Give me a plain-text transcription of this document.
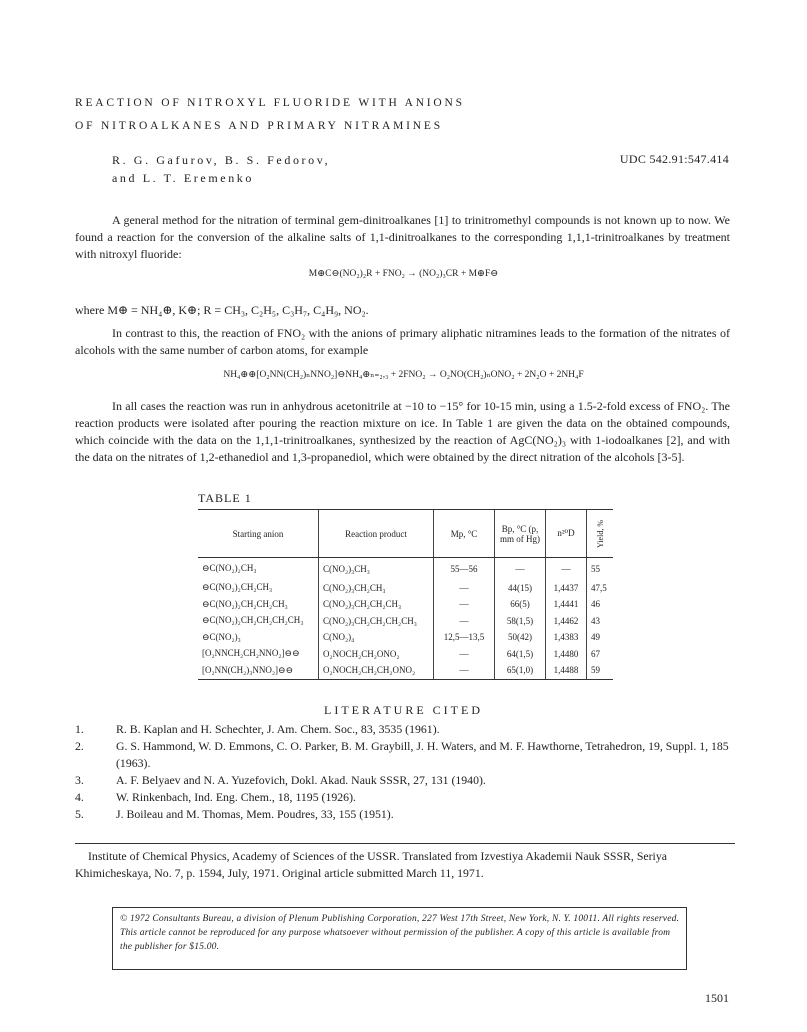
REACTION OF NITROXYL FLUORIDE WITH ANIONS
OF NITROALKANES AND PRIMARY NITRAMINES
R. G. Gafurov, B. S. Fedorov,
and L. T. Eremenko
UDC 542.91:547.414
A general method for the nitration of terminal gem-dinitroalkanes [1] to trinitromethyl compounds is not known up to now. We found a reaction for the conversion of the alkaline salts of 1,1-dinitroalkanes to the corresponding 1,1,1-trinitroalkanes by treatment with nitroxyl fluoride:
M⊕C⊖(NO₂)₂R + FNO₂ → (NO₂)₃CR + M⊕F⊖
where M⊕ = NH₄⊕, K⊕; R = CH₃, C₂H₅, C₃H₇, C₄H₉, NO₂.
In contrast to this, the reaction of FNO₂ with the anions of primary aliphatic nitramines leads to the formation of the nitrates of alcohols with the same number of carbon atoms, for example
NH₄⊕⊕[O₂NN(CH₂)ₙNNO₂]⊖NH₄⊕ₙ₌₂,₃ + 2FNO₂ → O₂NO(CH₂)ₙONO₂ + 2N₂O + 2NH₄F
In all cases the reaction was run in anhydrous acetonitrile at −10 to −15° for 10-15 min, using a 1.5-2-fold excess of FNO₂. The reaction products were isolated after pouring the reaction mixture on ice. In Table 1 are given the data on the obtained compounds, which coincide with the data on the 1,1,1-trinitroalkanes, synthesized by the reaction of AgC(NO₂)₃ with 1-iodoalkanes [2], and with the data on the nitrates of 1,2-ethanediol and 1,3-propanediol, which were obtained by the direct nitration of the alcohols [3-5].
TABLE 1
Starting anion	Reaction product	Mp, °C	Bp, °C (p, mm of Hg)	n²⁰D	Yield, %

⊖C(NO₂)₂CH₃	C(NO₂)₃CH₃	55—56	—	—	55
⊖C(NO₂)₂CH₂CH₃	C(NO₂)₃CH₂CH₃	—	44(15)	1,4437	47,5
⊖C(NO₂)₂CH₂CH₂CH₃	C(NO₂)₃CH₂CH₂CH₃	—	66(5)	1,4441	46
⊖C(NO₂)₂CH₂CH₂CH₂CH₃	C(NO₂)₃CH₂CH₂CH₂CH₃	—	58(1,5)	1,4462	43
⊖C(NO₂)₃	C(NO₂)₄	12,5—13,5	50(42)	1,4383	49
[O₂NNCH₂CH₂NNO₂]⊖⊖	O₂NOCH₂CH₂ONO₂	—	64(1,5)	1,4480	67
[O₂NN(CH₂)₃NNO₂]⊖⊖	O₂NOCH₂CH₂CH₂ONO₂	—	65(1,0)	1,4488	59
LITERATURE CITED
1.	R. B. Kaplan and H. Schechter, J. Am. Chem. Soc., 83, 3535 (1961).
2.	G. S. Hammond, W. D. Emmons, C. O. Parker, B. M. Graybill, J. H. Waters, and M. F. Hawthorne, Tetrahedron, 19, Suppl. 1, 185 (1963).
3.	A. F. Belyaev and N. A. Yuzefovich, Dokl. Akad. Nauk SSSR, 27, 131 (1940).
4.	W. Rinkenbach, Ind. Eng. Chem., 18, 1195 (1926).
5.	J. Boileau and M. Thomas, Mem. Poudres, 33, 155 (1951).
Institute of Chemical Physics, Academy of Sciences of the USSR. Translated from Izvestiya Akademii Nauk SSSR, Seriya Khimicheskaya, No. 7, p. 1594, July, 1971. Original article submitted March 11, 1971.
© 1972 Consultants Bureau, a division of Plenum Publishing Corporation, 227 West 17th Street, New York, N. Y. 10011. All rights reserved. This article cannot be reproduced for any purpose whatsoever without permission of the publisher. A copy of this article is available from the publisher for $15.00.
1501
